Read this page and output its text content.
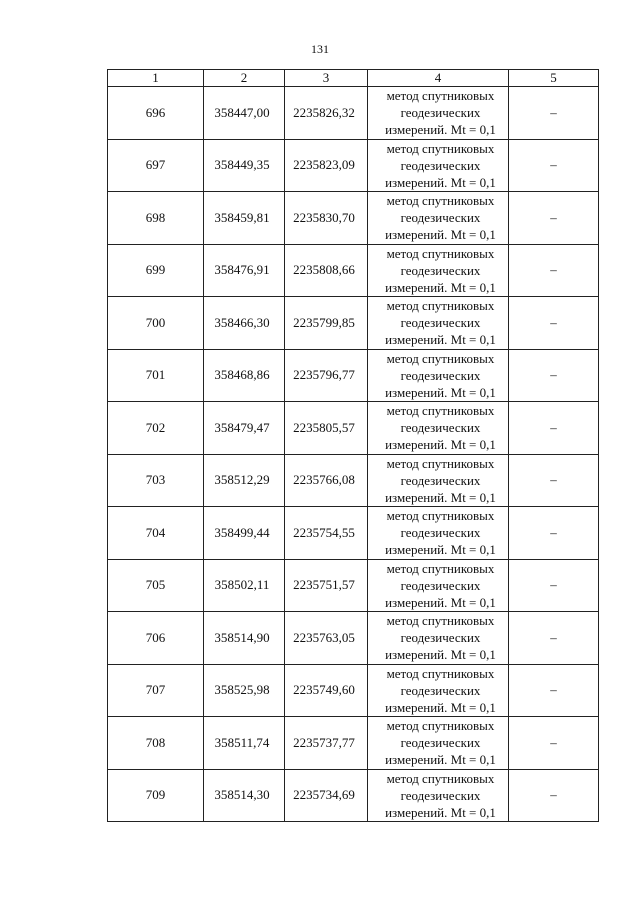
131
1	2	3	4	5
696	358447,00	2235826,32	метод спутниковых
геодезических
измерений. Mt = 0,1	–
697	358449,35	2235823,09	метод спутниковых
геодезических
измерений. Mt = 0,1	–
698	358459,81	2235830,70	метод спутниковых
геодезических
измерений. Mt = 0,1	–
699	358476,91	2235808,66	метод спутниковых
геодезических
измерений. Mt = 0,1	–
700	358466,30	2235799,85	метод спутниковых
геодезических
измерений. Mt = 0,1	–
701	358468,86	2235796,77	метод спутниковых
геодезических
измерений. Mt = 0,1	–
702	358479,47	2235805,57	метод спутниковых
геодезических
измерений. Mt = 0,1	–
703	358512,29	2235766,08	метод спутниковых
геодезических
измерений. Mt = 0,1	–
704	358499,44	2235754,55	метод спутниковых
геодезических
измерений. Mt = 0,1	–
705	358502,11	2235751,57	метод спутниковых
геодезических
измерений. Mt = 0,1	–
706	358514,90	2235763,05	метод спутниковых
геодезических
измерений. Mt = 0,1	–
707	358525,98	2235749,60	метод спутниковых
геодезических
измерений. Mt = 0,1	–
708	358511,74	2235737,77	метод спутниковых
геодезических
измерений. Mt = 0,1	–
709	358514,30	2235734,69	метод спутниковых
геодезических
измерений. Mt = 0,1	–
